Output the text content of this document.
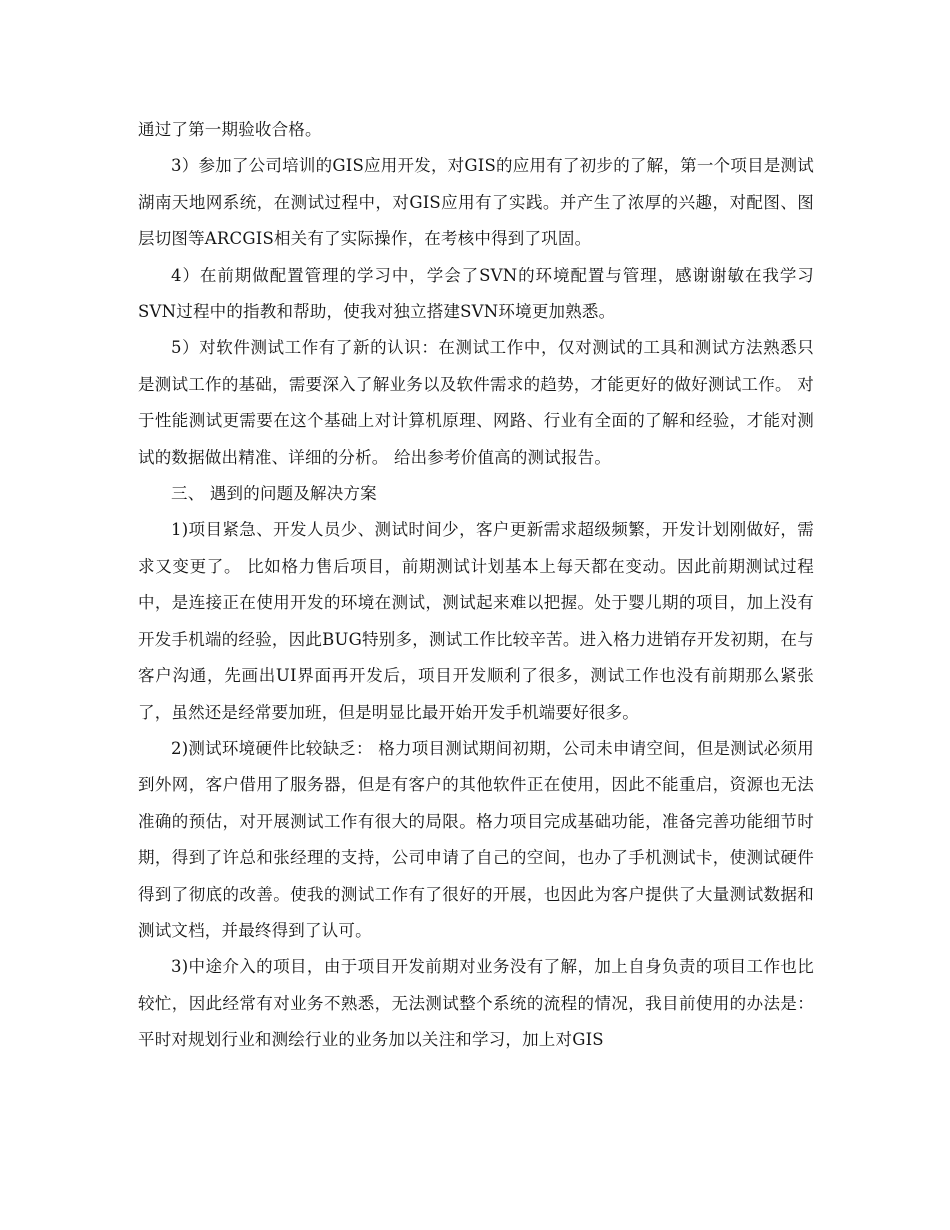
通过了第一期验收合格。

3）参加了公司培训的GIS应用开发，对GIS的应用有了初步的了解，第一个项目是测试湖南天地网系统，在测试过程中，对GIS应用有了实践。并产生了浓厚的兴趣，对配图、图层切图等ARCGIS相关有了实际操作，在考核中得到了巩固。

4）在前期做配置管理的学习中，学会了SVN的环境配置与管理，感谢谢敏在我学习SVN过程中的指教和帮助，使我对独立搭建SVN环境更加熟悉。

5）对软件测试工作有了新的认识：在测试工作中，仅对测试的工具和测试方法熟悉只是测试工作的基础，需要深入了解业务以及软件需求的趋势，才能更好的做好测试工作。 对于性能测试更需要在这个基础上对计算机原理、网路、行业有全面的了解和经验，才能对测试的数据做出精准、详细的分析。 给出参考价值高的测试报告。

三、 遇到的问题及解决方案

1)项目紧急、开发人员少、测试时间少，客户更新需求超级频繁，开发计划刚做好，需求又变更了。 比如格力售后项目，前期测试计划基本上每天都在变动。因此前期测试过程中，是连接正在使用开发的环境在测试，测试起来难以把握。处于婴儿期的项目，加上没有开发手机端的经验，因此BUG特别多，测试工作比较辛苦。进入格力进销存开发初期，在与客户沟通，先画出UI界面再开发后，项目开发顺利了很多，测试工作也没有前期那么紧张了，虽然还是经常要加班，但是明显比最开始开发手机端要好很多。

2)测试环境硬件比较缺乏： 格力项目测试期间初期，公司未申请空间，但是测试必须用到外网，客户借用了服务器，但是有客户的其他软件正在使用，因此不能重启，资源也无法准确的预估，对开展测试工作有很大的局限。格力项目完成基础功能，准备完善功能细节时期，得到了许总和张经理的支持，公司申请了自己的空间，也办了手机测试卡，使测试硬件得到了彻底的改善。使我的测试工作有了很好的开展，也因此为客户提供了大量测试数据和测试文档，并最终得到了认可。

3)中途介入的项目，由于项目开发前期对业务没有了解，加上自身负责的项目工作也比较忙，因此经常有对业务不熟悉，无法测试整个系统的流程的情况，我目前使用的办法是：平时对规划行业和测绘行业的业务加以关注和学习，加上对GIS
